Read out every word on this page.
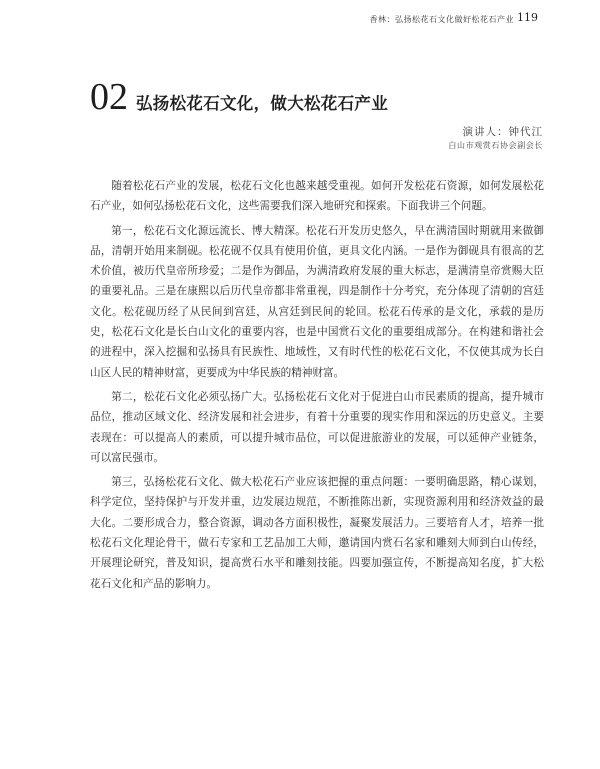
香林：弘扬松花石文化做好松花石产业 119
02 弘扬松花石文化，做大松花石产业
演讲人：钟代江
白山市观赏石协会副会长

随着松花石产业的发展，松花石文化也越来越受重视。如何开发松花石资源，如何发展松花石产业，如何弘扬松花石文化，这些需要我们深入地研究和探索。下面我讲三个问题。

第一，松花石文化源远流长、博大精深。松花石开发历史悠久，早在满清国时期就用来做御品，清朝开始用来制砚。松花砚不仅具有使用价值，更具文化内涵。一是作为御砚具有很高的艺术价值，被历代皇帝所珍爱；二是作为御品，为满清政府发展的重大标志，是满清皇帝赏赐大臣的重要礼品。三是在康熙以后历代皇帝都非常重视，四是制作十分考究，充分体现了清朝的宫廷文化。松花砚历经了从民间到宫廷，从宫廷到民间的轮回。松花石传承的是文化，承载的是历史，松花石文化是长白山文化的重要内容，也是中国赏石文化的重要组成部分。在构建和谐社会的进程中，深入挖掘和弘扬具有民族性、地域性，又有时代性的松花石文化，不仅使其成为长白山区人民的精神财富，更要成为中华民族的精神财富。

第二，松花石文化必须弘扬广大。弘扬松花石文化对于促进白山市民素质的提高，提升城市品位，推动区域文化、经济发展和社会进步，有着十分重要的现实作用和深远的历史意义。主要表现在：可以提高人的素质，可以提升城市品位，可以促进旅游业的发展，可以延伸产业链条，可以富民强市。

第三，弘扬松花石文化、做大松花石产业应该把握的重点问题：一要明确思路，精心谋划，科学定位，坚持保护与开发并重，边发展边规范，不断推陈出新，实现资源利用和经济效益的最大化。二要形成合力，整合资源，调动各方面积极性，凝聚发展活力。三要培育人才，培养一批松花石文化理论骨干，做石专家和工艺品加工大师，邀请国内赏石名家和雕刻大师到白山传经，开展理论研究，普及知识，提高赏石水平和雕刻技能。四要加强宣传，不断提高知名度，扩大松花石文化和产品的影响力。
